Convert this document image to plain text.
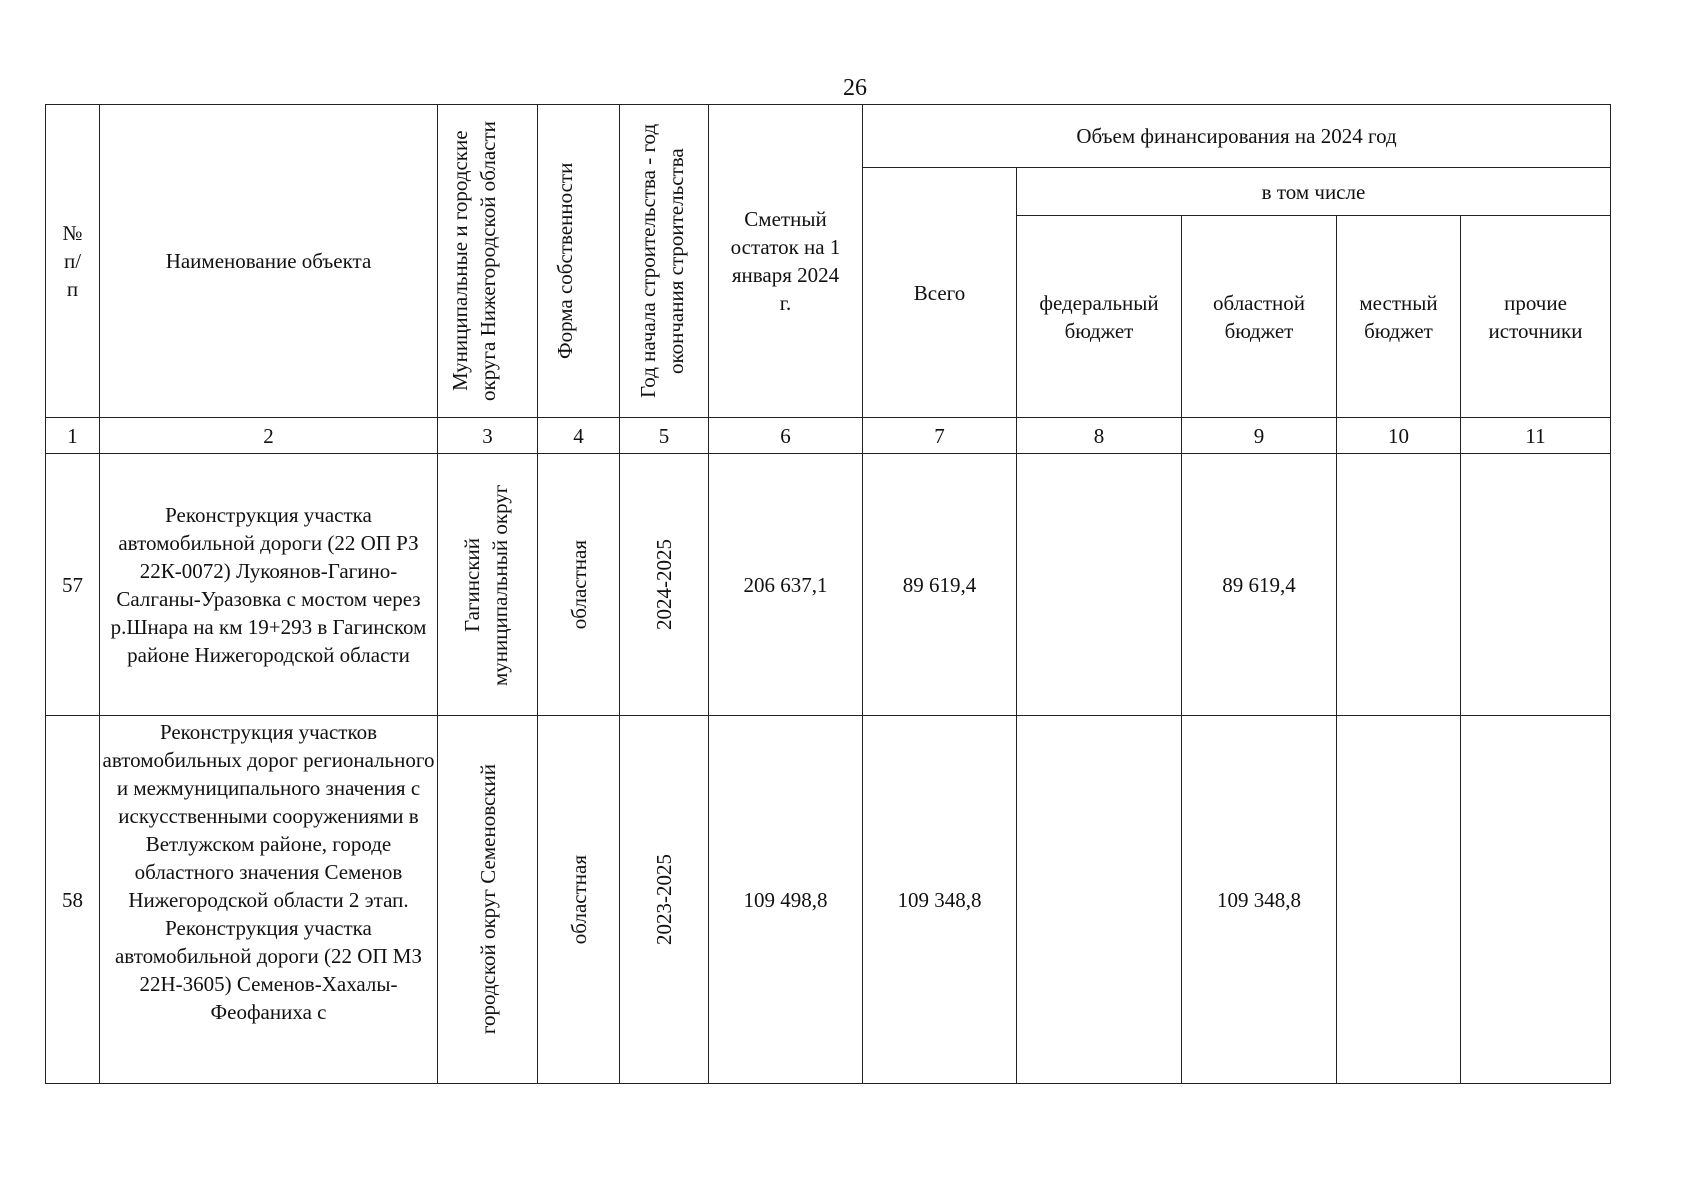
26
№ п/п	Наименование объекта	Муниципальные и городские округа Нижегородской области	Форма собственности	Год начала строительства - год окончания строительства	Сметный остаток на 1 января 2024 г.	Объем финансирования на 2024 год				
						Всего	в том числе			
							федеральный бюджет	областной бюджет	местный бюджет	прочие источники
1	2	3	4	5	6	7	8	9	10	11
57	Реконструкция участка автомобильной дороги (22 ОП РЗ 22К-0072) Лукоянов-Гагино-Салганы-Уразовка с мостом через р.Шнара на км 19+293 в Гагинском районе Нижегородской области	Гагинский муниципальный округ	областная	2024-2025	206 637,1	89 619,4		89 619,4		
58	Реконструкция участков автомобильных дорог регионального и межмуниципального значения с искусственными сооружениями в Ветлужском районе, городе областного значения Семенов Нижегородской области 2 этап. Реконструкция участка автомобильной дороги (22 ОП МЗ 22Н-3605) Семенов-Хахалы-Феофаниха с	городской округ Семеновский	областная	2023-2025	109 498,8	109 348,8		109 348,8		
